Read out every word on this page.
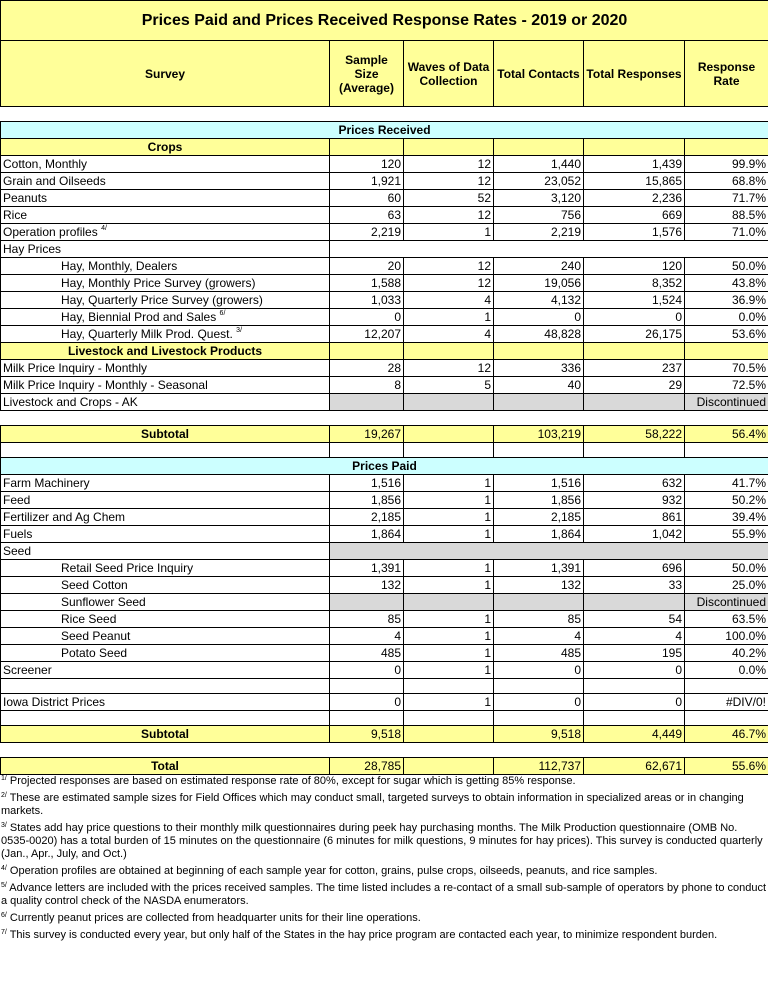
Prices Paid and Prices Received Response Rates - 2019 or 2020					
Survey	Sample Size (Average)	Waves of Data Collection	Total Contacts	Total Responses	Response Rate

Prices Received					
Crops					
Cotton, Monthly	120	12	1,440	1,439	99.9%
Grain and Oilseeds	1,921	12	23,052	15,865	68.8%
Peanuts	60	52	3,120	2,236	71.7%
Rice	63	12	756	669	88.5%
Operation profiles $^{4/}$	2,219	1	2,219	1,576	71.0%
Hay Prices					
Hay, Monthly, Dealers	20	12	240	120	50.0%
Hay, Monthly Price Survey (growers)	1,588	12	19,056	8,352	43.8%
Hay, Quarterly Price Survey (growers)	1,033	4	4,132	1,524	36.9%
Hay, Biennial Prod and Sales $^{6/}$	0	1	0	0	0.0%
Hay, Quarterly Milk Prod. Quest. $^{3/}$	12,207	4	48,828	26,175	53.6%
Livestock and Livestock Products					
Milk Price Inquiry - Monthly	28	12	336	237	70.5%
Milk Price Inquiry - Monthly - Seasonal	8	5	40	29	72.5%
Livestock and Crops - AK					Discontinued

Subtotal	19,267		103,219	58,222	56.4%

Prices Paid					
Farm Machinery	1,516	1	1,516	632	41.7%
Feed	1,856	1	1,856	932	50.2%
Fertilizer and Ag Chem	2,185	1	2,185	861	39.4%
Fuels	1,864	1	1,864	1,042	55.9%
Seed					
Retail Seed Price Inquiry	1,391	1	1,391	696	50.0%
Seed Cotton	132	1	132	33	25.0%
Sunflower Seed					Discontinued
Rice Seed	85	1	85	54	63.5%
Seed Peanut	4	1	4	4	100.0%
Potato Seed	485	1	485	195	40.2%
Screener	0	1	0	0	0.0%

Iowa District Prices	0	1	0	0	#DIV/0!

Subtotal	9,518		9,518	4,449	46.7%

Total	28,785		112,737	62,671	55.6%

$^{1/}$ Projected responses are based on estimated response rate of 80%, except for sugar which is getting 85% response.

$^{2/}$ These are estimated sample sizes for Field Offices which may conduct small, targeted surveys to obtain information in specialized areas or in changing markets.

$^{3/}$ States add hay price questions to their monthly milk questionnaires during peek hay purchasing months. The Milk Production questionnaire (OMB No. 0535-0020) has a total burden of 15 minutes on the questionnaire (6 minutes for milk questions, 9 minutes for hay prices). This survey is conducted quarterly (Jan., Apr., July, and Oct.)

$^{4/}$ Operation profiles are obtained at beginning of each sample year for cotton, grains, pulse crops, oilseeds, peanuts, and rice samples.

$^{5/}$ Advance letters are included with the prices received samples. The time listed includes a re-contact of a small sub-sample of operators by phone to conduct a quality control check of the NASDA enumerators.

$^{6/}$ Currently peanut prices are collected from headquarter units for their line operations.

$^{7/}$ This survey is conducted every year, but only half of the States in the hay price program are contacted each year, to minimize respondent burden.
